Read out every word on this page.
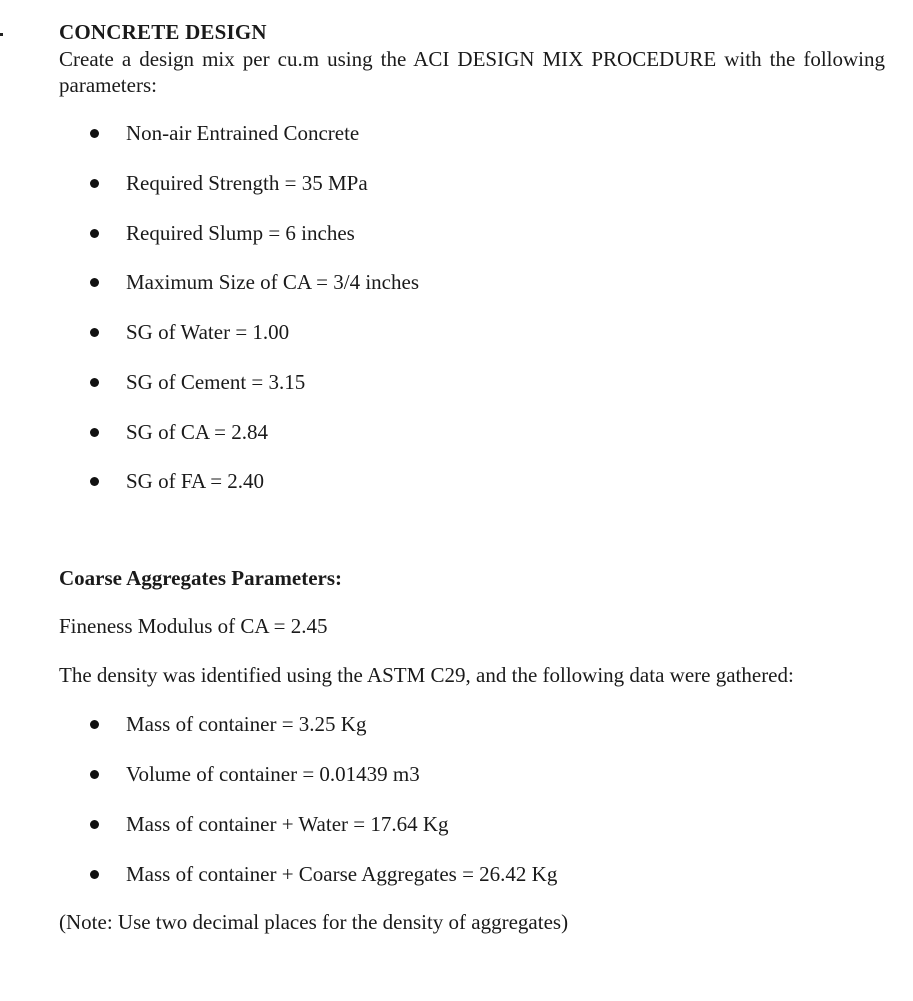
CONCRETE DESIGN
Create a design mix per cu.m using the ACI DESIGN MIX PROCEDURE with the following parameters:
Non-air Entrained Concrete
Required Strength = 35 MPa
Required Slump = 6 inches
Maximum Size of CA = 3/4 inches
SG of Water = 1.00
SG of Cement = 3.15
SG of CA = 2.84
SG of FA = 2.40
Coarse Aggregates Parameters:
Fineness Modulus of CA = 2.45
The density was identified using the ASTM C29, and the following data were gathered:
Mass of container = 3.25 Kg
Volume of container = 0.01439 m3
Mass of container + Water = 17.64 Kg
Mass of container + Coarse Aggregates = 26.42 Kg
(Note: Use two decimal places for the density of aggregates)
